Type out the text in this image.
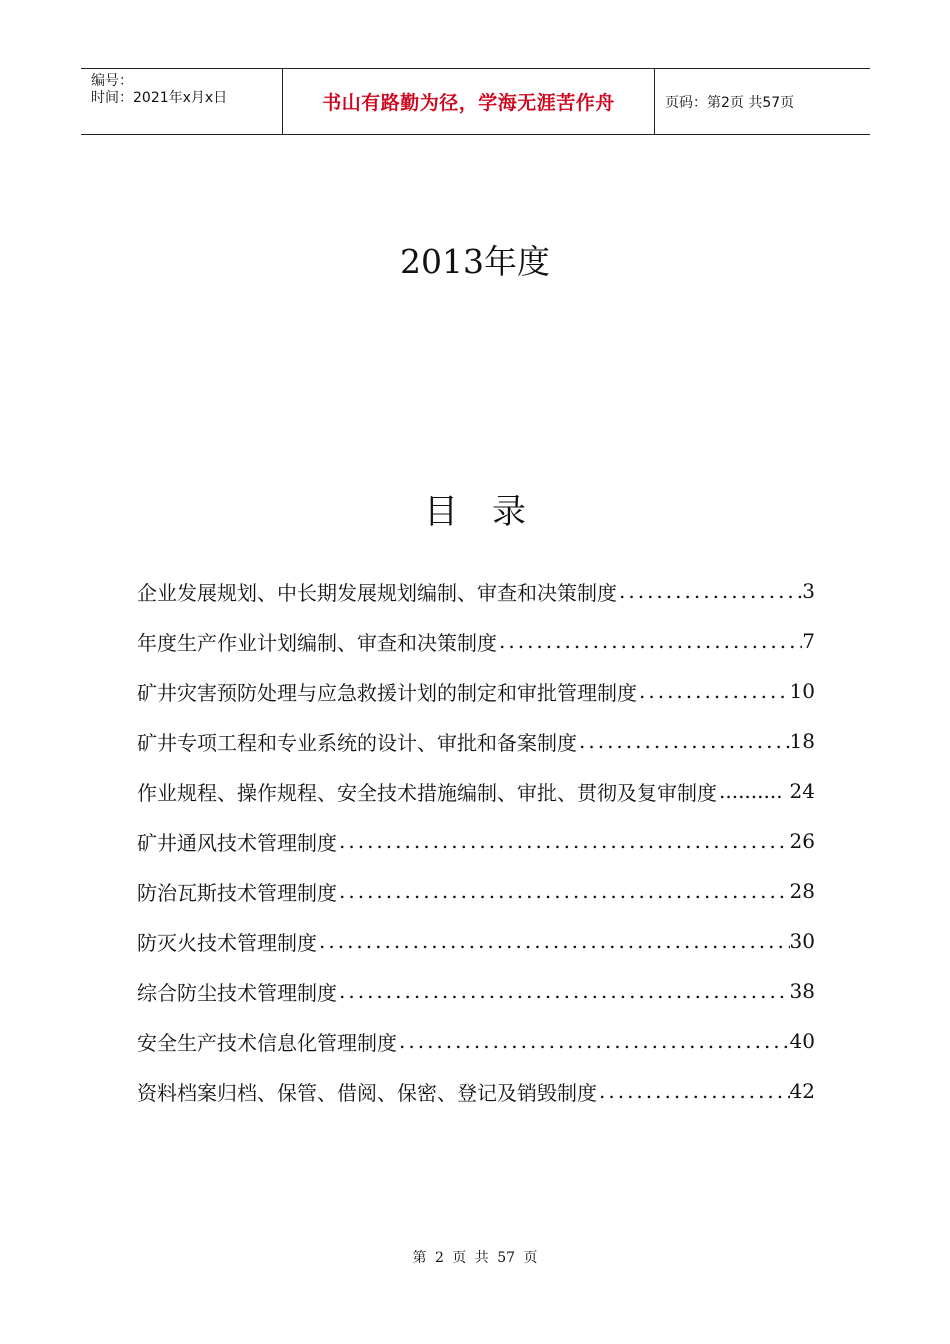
编号：
时间：2021年x月x日	书山有路勤为径，学海无涯苦作舟	页码：第2页 共57页
2013年度
目录
企业发展规划、中长期发展规划编制、审查和决策制度 .....	3
年度生产作业计划编制、审查和决策制度 .....	7
矿井灾害预防处理与应急救援计划的制定和审批管理制度 .....	10
矿井专项工程和专业系统的设计、审批和备案制度 .....	18
作业规程、操作规程、安全技术措施编制、审批、贯彻及复审制度 .....	24
矿井通风技术管理制度 .....	26
防治瓦斯技术管理制度 .....	28
防灭火技术管理制度 .....	30
综合防尘技术管理制度 .....	38
安全生产技术信息化管理制度 .....	40
资料档案归档、保管、借阅、保密、登记及销毁制度 .....	42
第 2 页 共 57 页
